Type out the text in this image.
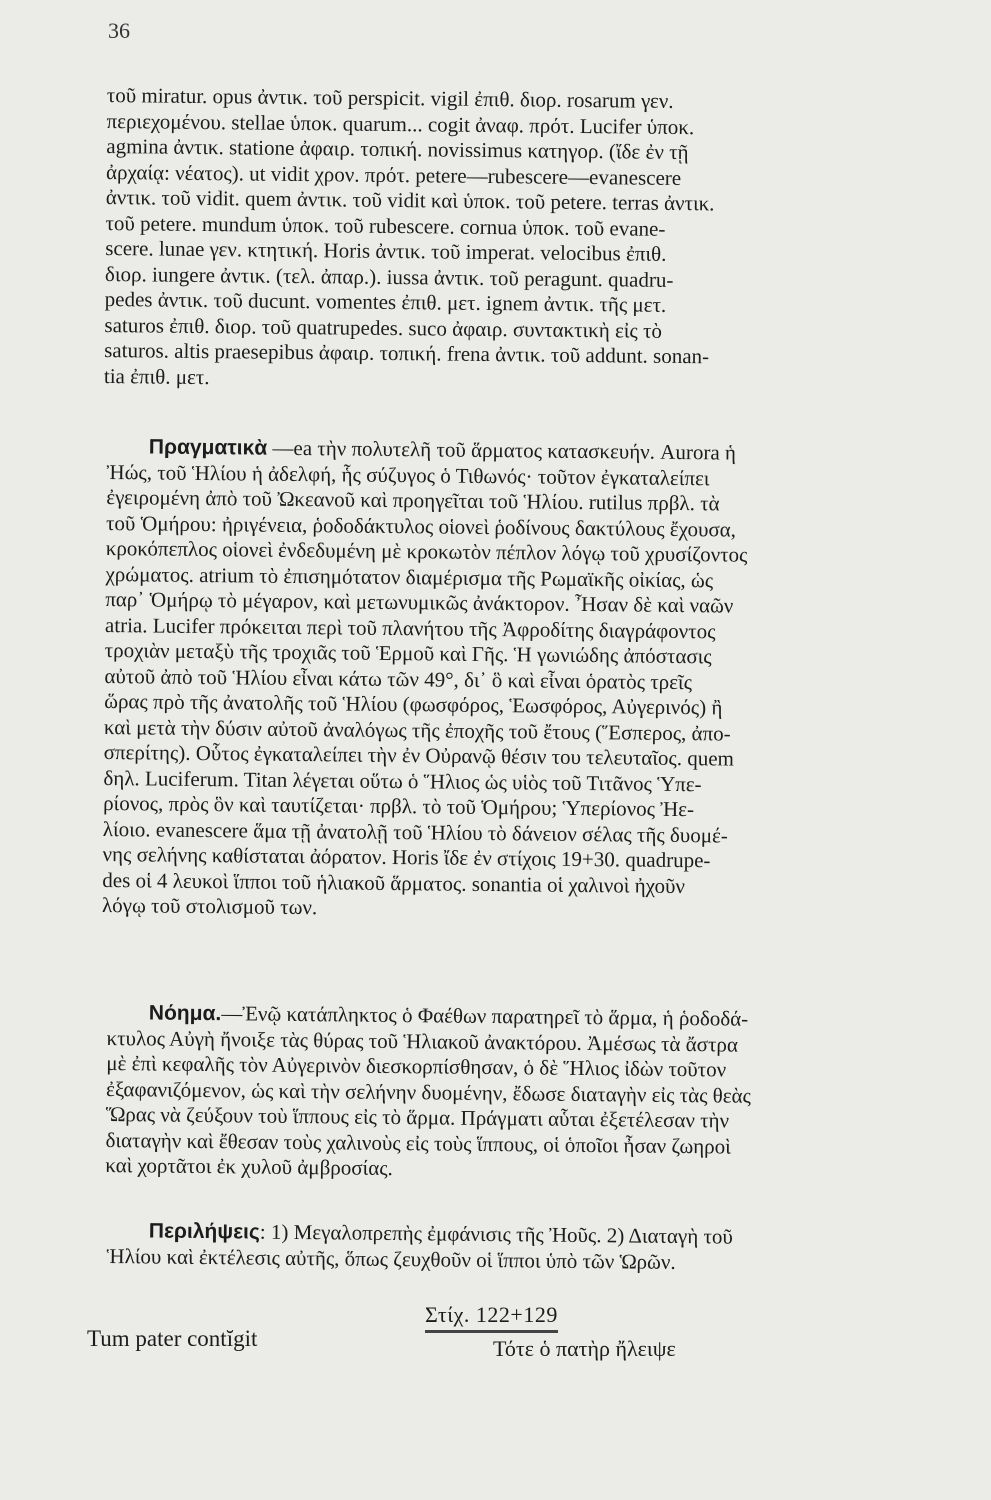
36
τοῦ miratur. opus ἀντικ. τοῦ perspicit. vigil ἐπιθ. διορ. rosarum γεν.
περιεχομένου. stellae ὑποκ. quarum... cogit ἀναφ. πρότ. Lucifer ὑποκ.
agmina ἀντικ. statione ἀφαιρ. τοπική. novissimus κατηγορ. (ἴδε ἐν τῇ
ἀρχαίᾳ: νέατος). ut vidit χρον. πρότ. petere—rubescere—evanescere
ἀντικ. τοῦ vidit. quem ἀντικ. τοῦ vidit καὶ ὑποκ. τοῦ petere. terras ἀντικ.
τοῦ petere. mundum ὑποκ. τοῦ rubescere. cornua ὑποκ. τοῦ evane-
scere. lunae γεν. κτητική. Horis ἀντικ. τοῦ imperat. velocibus ἐπιθ.
διορ. iungere ἀντικ. (τελ. ἀπαρ.). iussa ἀντικ. τοῦ peragunt. quadru-
pedes ἀντικ. τοῦ ducunt. vomentes ἐπιθ. μετ. ignem ἀντικ. τῆς μετ.
saturos ἐπιθ. διορ. τοῦ quatrupedes. suco ἀφαιρ. συντακτικὴ εἰς τὸ
saturos. altis praesepibus ἀφαιρ. τοπική. frena ἀντικ. τοῦ addunt. sonan-
tia ἐπιθ. μετ.
Πραγματικὰ —ea τὴν πολυτελῆ τοῦ ἅρματος κατασκευήν. Aurora ἡ
Ἠώς, τοῦ Ἡλίου ἡ ἀδελφή, ἧς σύζυγος ὁ Τιθωνός· τοῦτον ἐγκαταλείπει
ἐγειρομένη ἀπὸ τοῦ Ὠκεανοῦ καὶ προηγεῖται τοῦ Ἡλίου. rutilus πρβλ. τὰ
τοῦ Ὁμήρου: ἠριγένεια, ῥοδοδάκτυλος οἱονεὶ ῥοδίνους δακτύλους ἔχουσα,
κροκόπεπλος οἱονεὶ ἐνδεδυμένη μὲ κροκωτὸν πέπλον λόγῳ τοῦ χρυσίζοντος
χρώματος. atrium τὸ ἐπισημότατον διαμέρισμα τῆς Ρωμαϊκῆς οἰκίας, ὡς
παρ᾽ Ὁμήρῳ τὸ μέγαρον, καὶ μετωνυμικῶς ἀνάκτορον. Ἦσαν δὲ καὶ ναῶν
atria. Lucifer πρόκειται περὶ τοῦ πλανήτου τῆς Ἀφροδίτης διαγράφοντος
τροχιὰν μεταξὺ τῆς τροχιᾶς τοῦ Ἑρμοῦ καὶ Γῆς. Ἡ γωνιώδης ἀπόστασις
αὐτοῦ ἀπὸ τοῦ Ἡλίου εἶναι κάτω τῶν 49°, δι᾽ ὃ καὶ εἶναι ὁρατὸς τρεῖς
ὥρας πρὸ τῆς ἀνατολῆς τοῦ Ἡλίου (φωσφόρος, Ἑωσφόρος, Αὐγερινός) ἢ
καὶ μετὰ τὴν δύσιν αὐτοῦ ἀναλόγως τῆς ἐποχῆς τοῦ ἔτους (Ἕσπερος, ἀπο-
σπερίτης). Οὗτος ἐγκαταλείπει τὴν ἐν Οὐρανῷ θέσιν του τελευταῖος. quem
δηλ. Luciferum. Titan λέγεται οὕτω ὁ Ἥλιος ὡς υἱὸς τοῦ Τιτᾶνος Ὑπε-
ρίονος, πρὸς ὃν καὶ ταυτίζεται· πρβλ. τὸ τοῦ Ὁμήρου; Ὑπερίονος Ἠε-
λίοιο. evanescere ἅμα τῇ ἀνατολῇ τοῦ Ἡλίου τὸ δάνειον σέλας τῆς δυομέ-
νης σελήνης καθίσταται ἀόρατον. Horis ἴδε ἐν στίχοις 19+30. quadrupe-
des οἱ 4 λευκοὶ ἵπποι τοῦ ἡλιακοῦ ἅρματος. sonantia οἱ χαλινοὶ ἠχοῦν
λόγῳ τοῦ στολισμοῦ των.
Νόημα.—Ἐνῷ κατάπληκτος ὁ Φαέθων παρατηρεῖ τὸ ἅρμα, ἡ ῥοδοδά-
κτυλος Αὐγὴ ἤνοιξε τὰς θύρας τοῦ Ἡλιακοῦ ἀνακτόρου. Ἀμέσως τὰ ἄστρα
μὲ ἐπὶ κεφαλῆς τὸν Αὐγερινὸν διεσκορπίσθησαν, ὁ δὲ Ἥλιος ἰδὼν τοῦτον
ἐξαφανιζόμενον, ὡς καὶ τὴν σελήνην δυομένην, ἔδωσε διαταγὴν εἰς τὰς θεὰς
Ὥρας νὰ ζεύξουν τοὺ ἵππους εἰς τὸ ἅρμα. Πράγματι αὗται ἐξετέλεσαν τὴν
διαταγὴν καὶ ἔθεσαν τοὺς χαλινοὺς εἰς τοὺς ἵππους, οἱ ὁποῖοι ἦσαν ζωηροὶ
καὶ χορτᾶτοι ἐκ χυλοῦ ἀμβροσίας.
Περιλήψεις: 1) Μεγαλοπρεπὴς ἐμφάνισις τῆς Ἠοῦς. 2) Διαταγὴ τοῦ
Ἡλίου καὶ ἐκτέλεσις αὐτῆς, ὅπως ζευχθοῦν οἱ ἵπποι ὑπὸ τῶν Ὡρῶν.
Στίχ. 122+129
Tum pater contĭgit	Τότε ὁ πατὴρ ἤλειψε
